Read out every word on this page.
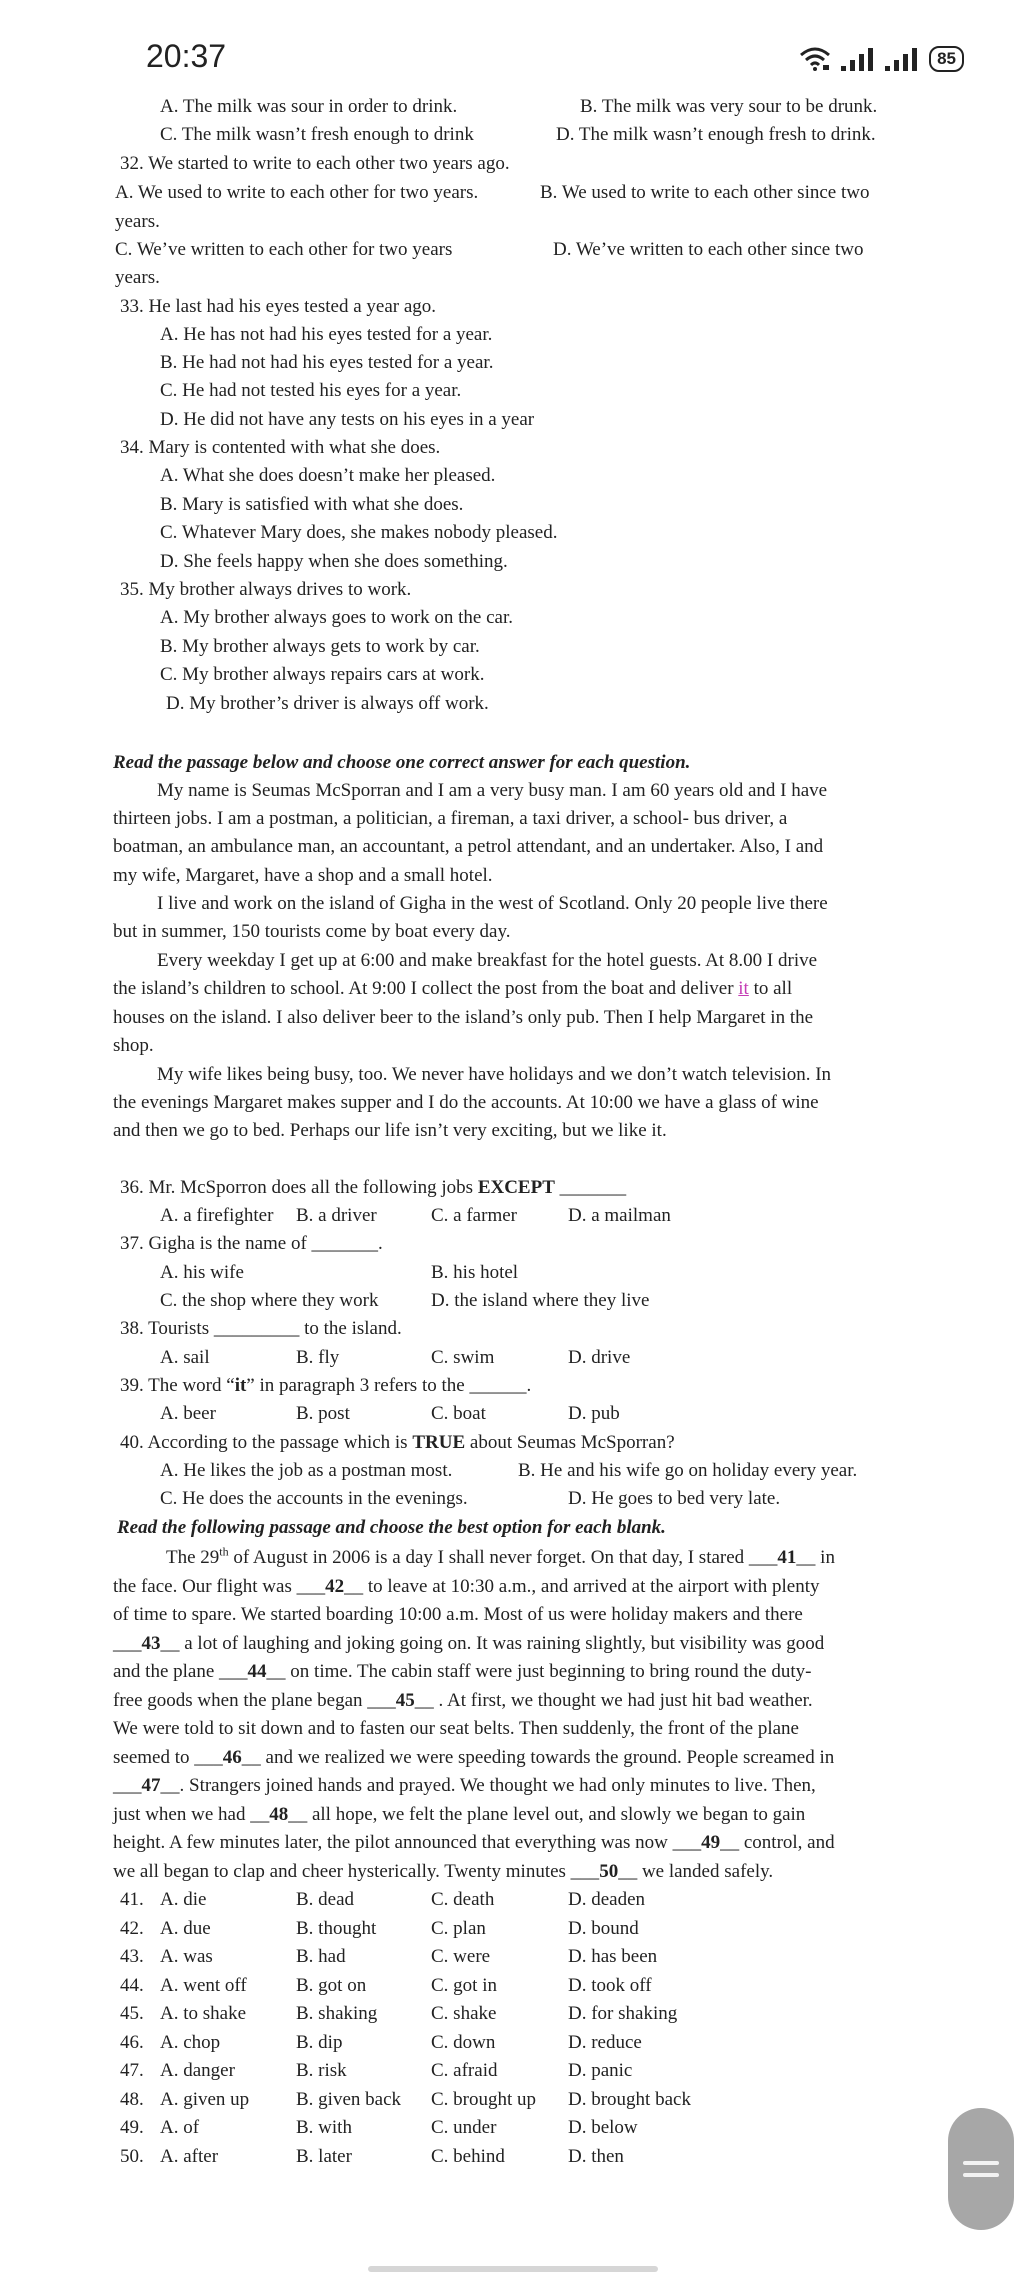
20:37	85
A. The milk was sour in order to drink.	B. The milk was very sour to be drunk.
C. The milk wasn’t fresh enough to drink	D. The milk wasn’t enough fresh to drink.
32. We started to write to each other two years ago.
A. We used to write to each other for two years.	B. We used to write to each other since two
years.
C. We’ve written to each other for two years	D. We’ve written to each other since two
years.
33. He last had his eyes tested a year ago.
A. He has not had his eyes tested for a year.
B. He had not had his eyes tested for a year.
C. He had not tested his eyes for a year.
D. He did not have any tests on his eyes in a year
34. Mary is contented with what she does.
A. What she does doesn’t make her pleased.
B. Mary is satisfied with what she does.
C. Whatever Mary does, she makes nobody pleased.
D. She feels happy when she does something.
35. My brother always drives to work.
A. My brother always goes to work on the car.
B. My brother always gets to work by car.
C. My brother always repairs cars at work.
D. My brother’s driver is always off work.
Read the passage below and choose one correct answer for each question.
My name is Seumas McSporran and I am a very busy man. I am 60 years old and I have
thirteen jobs. I am a postman, a politician, a fireman, a taxi driver, a school- bus driver, a
boatman, an ambulance man, an accountant, a petrol attendant, and an undertaker. Also, I and
my wife, Margaret, have a shop and a small hotel.
I live and work on the island of Gigha in the west of Scotland. Only 20 people live there
but in summer, 150 tourists come by boat every day.
Every weekday I get up at 6:00 and make breakfast for the hotel guests. At 8.00 I drive
the island’s children to school. At 9:00 I collect the post from the boat and deliver it to all
houses on the island. I also deliver beer to the island’s only pub. Then I help Margaret in the
shop.
My wife likes being busy, too. We never have holidays and we don’t watch television. In
the evenings Margaret makes supper and I do the accounts. At 10:00 we have a glass of wine
and then we go to bed. Perhaps our life isn’t very exciting, but we like it.
36. Mr. McSporron does all the following jobs EXCEPT _______
A. a firefighter B. a driver	C. a farmer	D. a mailman
37. Gigha is the name of _______.
A. his wife	B. his hotel
C. the shop where they work	D. the island where they live
38. Tourists _________ to the island.
A. sail	B. fly	C. swim	D. drive
39. The word “it” in paragraph 3 refers to the ______.
A. beer	B. post	C. boat	D. pub
40. According to the passage which is TRUE about Seumas McSporran?
A. He likes the job as a postman most.	B. He and his wife go on holiday every year.
C. He does the accounts in the evenings.	D. He goes to bed very late.
Read the following passage and choose the best option for each blank.
The 29th of August in 2006 is a day I shall never forget. On that day, I stared ___41__ in
the face. Our flight was ___42__ to leave at 10:30 a.m., and arrived at the airport with plenty
of time to spare. We started boarding 10:00 a.m. Most of us were holiday makers and there
___43__ a lot of laughing and joking going on. It was raining slightly, but visibility was good
and the plane ___44__ on time. The cabin staff were just beginning to bring round the duty-
free goods when the plane began ___45__ . At first, we thought we had just hit bad weather.
We were told to sit down and to fasten our seat belts. Then suddenly, the front of the plane
seemed to ___46__ and we realized we were speeding towards the ground. People screamed in
___47__. Strangers joined hands and prayed. We thought we had only minutes to live. Then,
just when we had __48__ all hope, we felt the plane level out, and slowly we began to gain
height. A few minutes later, the pilot announced that everything was now ___49__ control, and
we all began to clap and cheer hysterically. Twenty minutes ___50__ we landed safely.
41. A. die	B. dead	C. death	D. deaden
42. A. due	B. thought	C. plan	D. bound
43. A. was	B. had	C. were	D. has been
44. A. went off	B. got on	C. got in	D. took off
45. A. to shake	B. shaking	C. shake	D. for shaking
46. A. chop	B. dip	C. down	D. reduce
47. A. danger	B. risk	C. afraid	D. panic
48. A. given up B. given back C. brought up D. brought back
49. A. of	B. with	C. under	D. below
50. A. after	B. later	C. behind	D. then
